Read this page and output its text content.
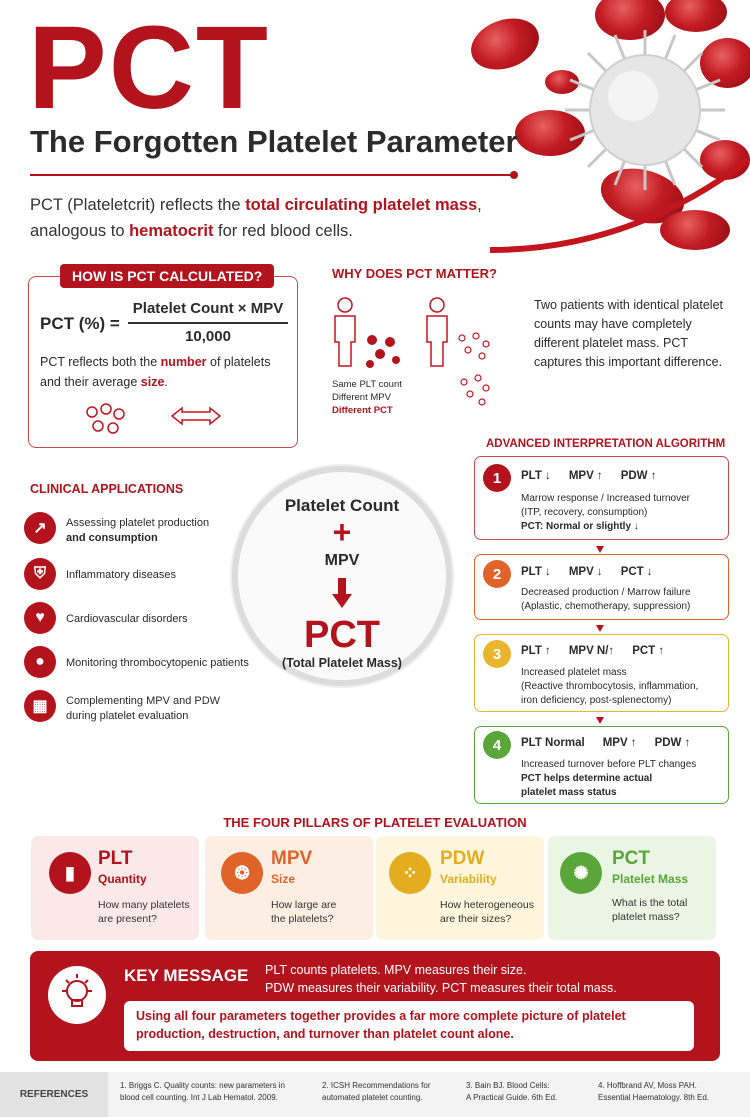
PCT
The Forgotten Platelet Parameter
PCT (Plateletcrit) reflects the total circulating platelet mass,
analogous to hematocrit for red blood cells.
HOW IS PCT CALCULATED?
PCT (%) =
Platelet Count × MPV
10,000
PCT reflects both the number of platelets
and their average size.
WHY DOES PCT MATTER?
Same PLT count
Different MPV
Different PCT
Two patients with identical platelet counts may have completely different platelet mass. PCT captures this important difference.
CLINICAL APPLICATIONS
↗	Assessing platelet production
and consumption
⛨	Inflammatory diseases
♥	Cardiovascular disorders
●	Monitoring thrombocytopenic patients
▦	Complementing MPV and PDW
during platelet evaluation
Platelet Count
+
MPV
PCT
(Total Platelet Mass)
ADVANCED INTERPRETATION ALGORITHM
1	PLT ↓ MPV ↑ PDW ↑
Marrow response / Increased turnover
(ITP, recovery, consumption)
PCT: Normal or slightly ↓
2	PLT ↓ MPV ↓ PCT ↓
Decreased production / Marrow failure
(Aplastic, chemotherapy, suppression)
3	PLT ↑ MPV N/↑ PCT ↑
Increased platelet mass
(Reactive thrombocytosis, inflammation,
iron deficiency, post-splenectomy)
4	PLT Normal MPV ↑ PDW ↑
Increased turnover before PLT changes
PCT helps determine actual
platelet mass status
THE FOUR PILLARS OF PLATELET EVALUATION
▮
PLT
Quantity
How many platelets
are present?
❂
MPV
Size
How large are
the platelets?
⁘
PDW
Variability
How heterogeneous
are their sizes?
✺
PCT
Platelet Mass
What is the total
platelet mass?
KEY MESSAGE PLT counts platelets. MPV measures their size.
PDW measures their variability. PCT measures their total mass.
Using all four parameters together provides a far more complete picture of platelet production, destruction, and turnover than platelet count alone.
REFERENCES
1. Briggs C. Quality counts: new parameters in
blood cell counting. Int J Lab Hematol. 2009.
2. ICSH Recommendations for
automated platelet counting.
3. Bain BJ. Blood Cells:
A Practical Guide. 6th Ed.
4. Hoffbrand AV, Moss PAH.
Essential Haematology. 8th Ed.
